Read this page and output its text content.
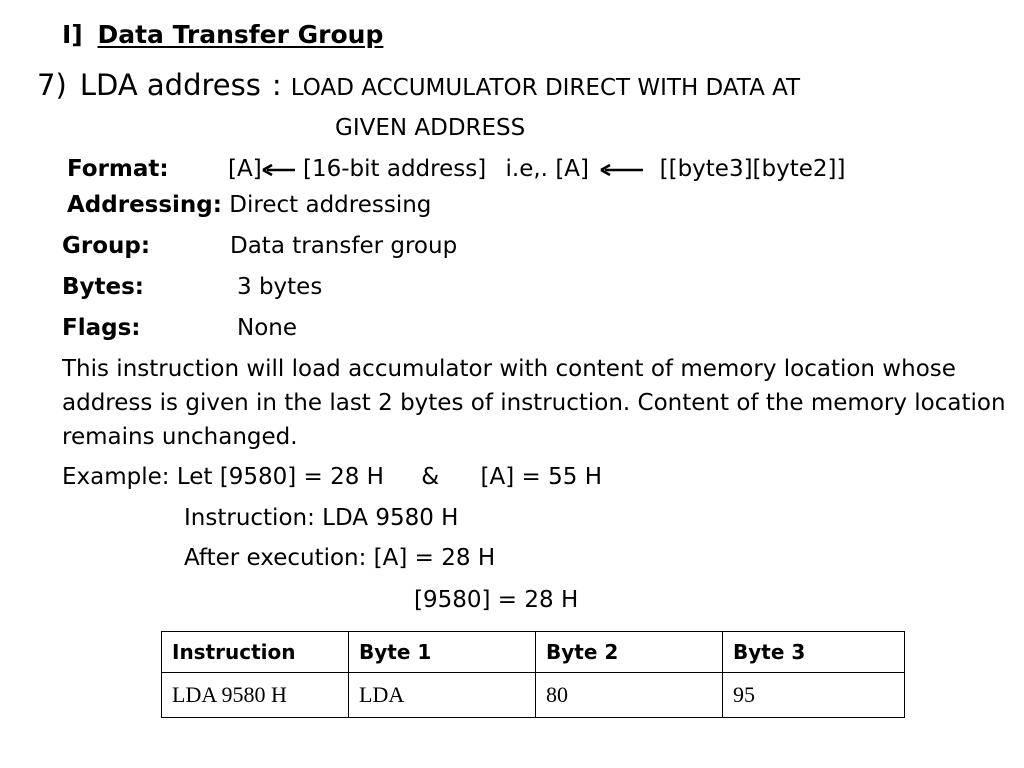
I] Data Transfer Group
7) LDA address : LOAD ACCUMULATOR DIRECT WITH DATA AT
GIVEN ADDRESS
Format:	[A] [16-bit address] i.e,. [A]	[[byte3][byte2]]
Addressing: Direct addressing
Group:	Data transfer group
Bytes:	3 bytes
Flags:	None
This instruction will load accumulator with content of memory location whose address is given in the last 2 bytes of instruction. Content of the memory location remains unchanged.
Example: Let [9580] = 28 H & [A] = 55 H
Instruction: LDA 9580 H
After execution: [A] = 28 H
[9580] = 28 H
Instruction	Byte 1	Byte 2	Byte 3
LDA 9580 H	LDA	80	95
